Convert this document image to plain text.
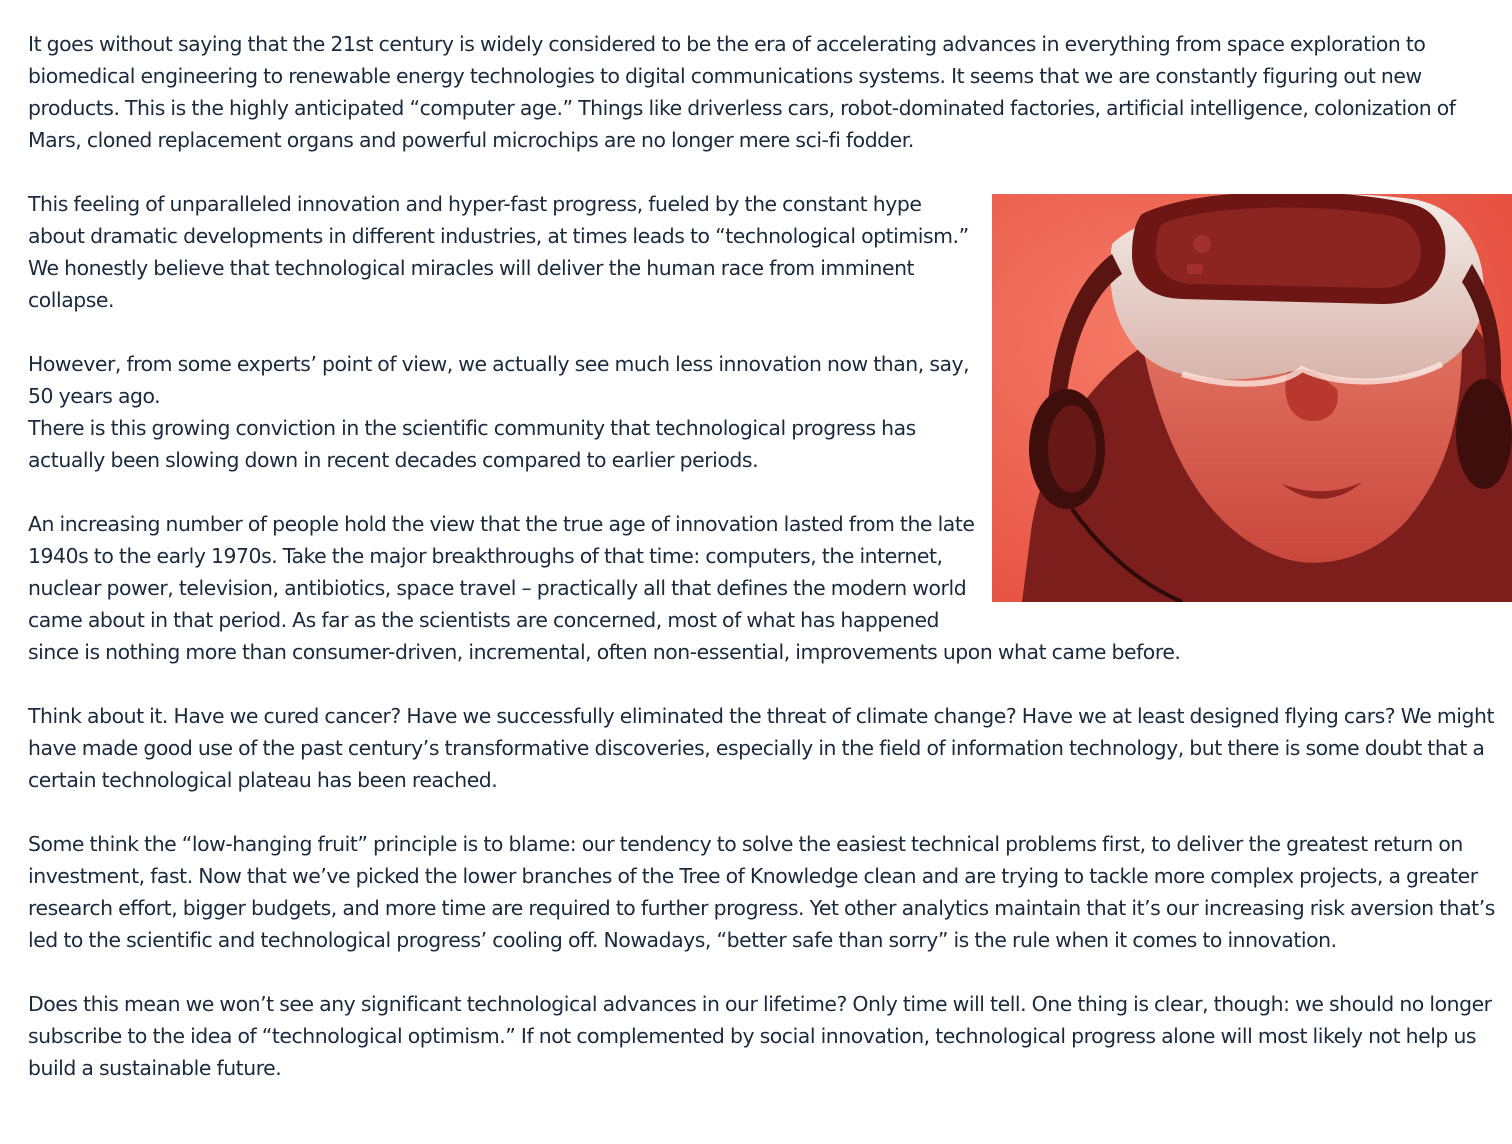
It goes without saying that the 21st century is widely considered to be the era of accelerating advances in everything from space exploration to biomedical engineering to renewable energy technologies to digital communications systems. It seems that we are constantly figuring out new products. This is the highly anticipated “computer age.” Things like driverless cars, robot-dominated factories, artificial intelligence, colonization of Mars, cloned replacement organs and powerful microchips are no longer mere sci-fi fodder.

This feeling of unparalleled innovation and hyper-fast progress, fueled by the constant hype about dramatic developments in different industries, at times leads to “technological optimism.” We honestly believe that technological miracles will deliver the human race from imminent collapse.

However, from some experts’ point of view, we actually see much less innovation now than, say, 50 years ago.

There is this growing conviction in the scientific community that technological progress has actually been slowing down in recent decades compared to earlier periods.

An increasing number of people hold the view that the true age of innovation lasted from the late 1940s to the early 1970s. Take the major breakthroughs of that time: computers, the internet, nuclear power, television, antibiotics, space travel – practically all that defines the modern world came about in that period. As far as the scientists are concerned, most of what has happened since is nothing more than consumer-driven, incremental, often non-essential, improvements upon what came before.

Think about it. Have we cured cancer? Have we successfully eliminated the threat of climate change? Have we at least designed flying cars? We might have made good use of the past century’s transformative discoveries, especially in the field of information technology, but there is some doubt that a certain technological plateau has been reached.

Some think the “low-hanging fruit” principle is to blame: our tendency to solve the easiest technical problems first, to deliver the greatest return on investment, fast. Now that we’ve picked the lower branches of the Tree of Knowledge clean and are trying to tackle more complex projects, a greater research effort, bigger budgets, and more time are required to further progress. Yet other analytics maintain that it’s our increasing risk aversion that’s led to the scientific and technological progress’ cooling off. Nowadays, “better safe than sorry” is the rule when it comes to innovation.

Does this mean we won’t see any significant technological advances in our lifetime? Only time will tell. One thing is clear, though: we should no longer subscribe to the idea of “technological optimism.” If not complemented by social innovation, technological progress alone will most likely not help us build a sustainable future.
